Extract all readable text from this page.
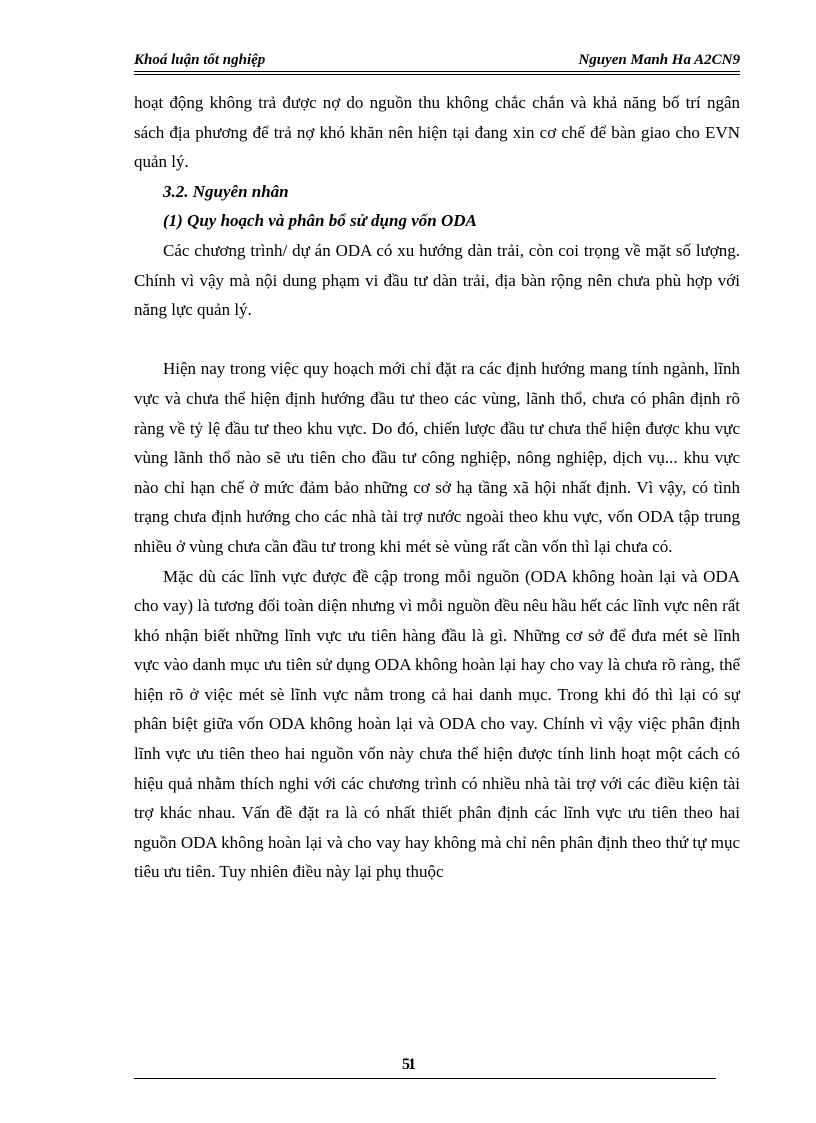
Khoá luận tốt nghiệp	Nguyen Manh Ha A2CN9

hoạt động không trả được nợ do nguồn thu không chắc chắn và khả năng bố trí ngân sách địa phương để trả nợ khó khăn nên hiện tại đang xin cơ chế để bàn giao cho EVN quản lý.

3.2. Nguyên nhân

(1) Quy hoạch và phân bổ sử dụng vốn ODA

Các chương trình/ dự án ODA có xu hướng dàn trải, còn coi trọng về mặt số lượng. Chính vì vậy mà nội dung phạm vi đầu tư dàn trải, địa bàn rộng nên chưa phù hợp với năng lực quản lý.

Hiện nay trong việc quy hoạch mới chỉ đặt ra các định hướng mang tính ngành, lĩnh vực và chưa thể hiện định hướng đầu tư theo các vùng, lãnh thổ, chưa có phân định rõ ràng về tỷ lệ đầu tư theo khu vực. Do đó, chiến lược đầu tư chưa thể hiện được khu vực vùng lãnh thổ nào sẽ ưu tiên cho đầu tư công nghiệp, nông nghiệp, dịch vụ... khu vực nào chỉ hạn chế ở mức đảm bảo những cơ sở hạ tầng xã hội nhất định. Vì vậy, có tình trạng chưa định hướng cho các nhà tài trợ nước ngoài theo khu vực, vốn ODA tập trung nhiều ở vùng chưa cần đầu tư trong khi mét sè vùng rất cần vốn thì lại chưa có.

Mặc dù các lĩnh vực được đề cập trong mỗi nguồn (ODA không hoàn lại và ODA cho vay) là tương đối toàn diện nhưng vì mỗi nguồn đều nêu hầu hết các lĩnh vực nên rất khó nhận biết những lĩnh vực ưu tiên hàng đầu là gì. Những cơ sở để đưa mét sè lĩnh vực vào danh mục ưu tiên sử dụng ODA không hoàn lại hay cho vay là chưa rõ ràng, thể hiện rõ ở việc mét sè lĩnh vực nằm trong cả hai danh mục. Trong khi đó thì lại có sự phân biệt giữa vốn ODA không hoàn lại và ODA cho vay. Chính vì vậy việc phân định lĩnh vực ưu tiên theo hai nguồn vốn này chưa thể hiện được tính linh hoạt một cách có hiệu quả nhằm thích nghi với các chương trình có nhiều nhà tài trợ với các điều kiện tài trợ khác nhau. Vấn đề đặt ra là có nhất thiết phân định các lĩnh vực ưu tiên theo hai nguồn ODA không hoàn lại và cho vay hay không mà chỉ nên phân định theo thứ tự mục tiêu ưu tiên. Tuy nhiên điều này lại phụ thuộc

51
